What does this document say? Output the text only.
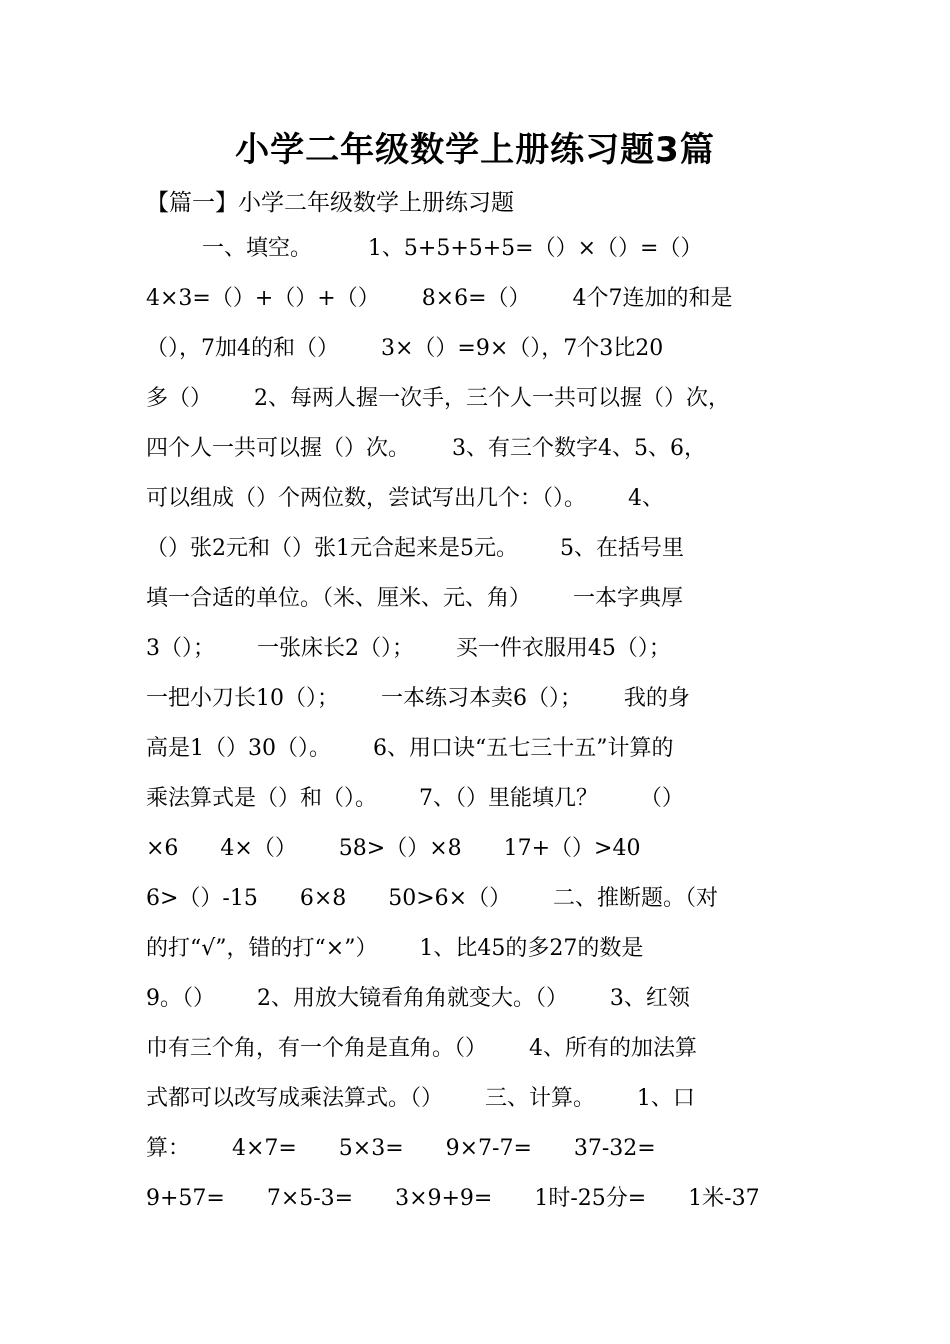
小学二年级数学上册练习题3篇
【篇一】小学二年级数学上册练习题
一、填空。        1、5+5+5+5=（）×（）=（）
4×3=（）+（）+（）      8×6=（）      4个7连加的和是
（），7加4的和（）      3×（）=9×（），7个3比20
多（）      2、每两人握一次手，三个人一共可以握（）次，
四个人一共可以握（）次。      3、有三个数字4、5、6，
可以组成（）个两位数，尝试写出几个：（）。      4、
（）张2元和（）张1元合起来是5元。      5、在括号里
填一合适的单位。（米、厘米、元、角）      一本字典厚
3（）；      一张床长2（）；      买一件衣服用45（）；
一把小刀长10（）；      一本练习本卖6（）；      我的身
高是1（）30（）。      6、用口诀“五七三十五”计算的
乘法算式是（）和（）。      7、（）里能填几？      （）
×6      4×（）      58>（）×8      17+（）>40
6>（）-15      6×8      50>6×（）      二、推断题。（对
的打“√”，错的打“×”）      1、比45的多27的数是
9。（）      2、用放大镜看角角就变大。（）      3、红领
巾有三个角，有一个角是直角。（）      4、所有的加法算
式都可以改写成乘法算式。（）      三、计算。      1、口
算：      4×7=      5×3=      9×7-7=      37-32=
9+57=      7×5-3=      3×9+9=      1时-25分=      1米-37
